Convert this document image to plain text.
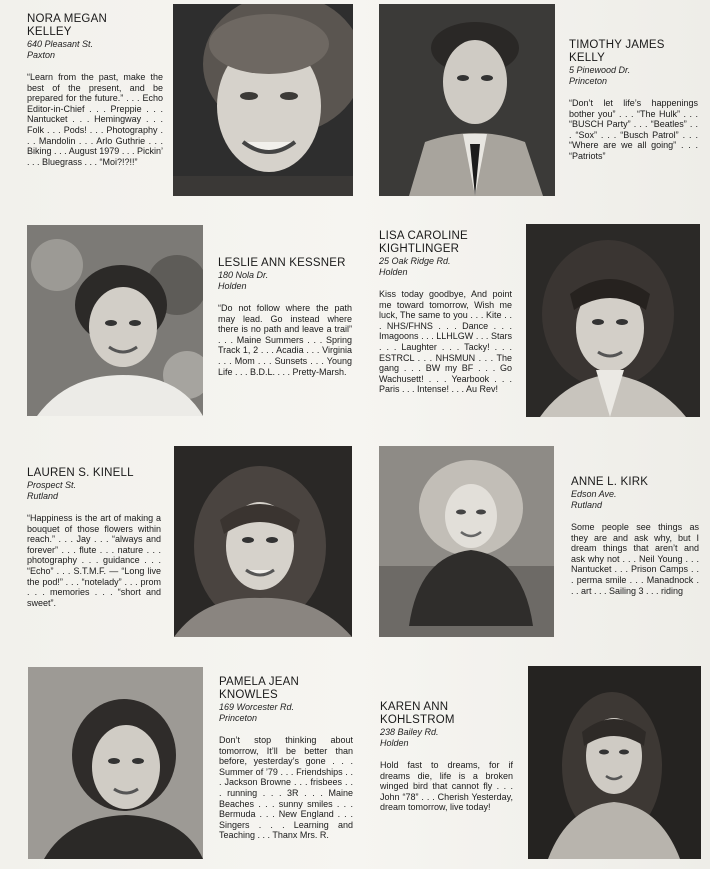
NORA MEGAN
KELLEY
640 Pleasant St.
Paxton
“Learn from the past, make the best of the present, and be prepared for the future.” . . . Echo Editor-in-Chief . . . Preppie . . . Nantucket . . . Hemingway . . . Folk . . . Pods! . . . Photography . . . Mandolin . . . Arlo Guthrie . . . Biking . . . August 1979 . . . Pickin’ . . . Bluegrass . . . “Moi?!?!!”
TIMOTHY JAMES
KELLY
5 Pinewood Dr.
Princeton
“Don’t let life’s happenings bother you” . . . “The Hulk” . . . “BUSCH Party” . . . “Beatles” . . . “Sox” . . . “Busch Patrol” . . . “Where are we all going” . . . “Patriots”
LESLIE ANN KESSNER
180 Nola Dr.
Holden
“Do not follow where the path may lead. Go instead where there is no path and leave a trail” . . . Maine Summers . . . Spring Track 1, 2 . . . Acadia . . . Virginia . . . Mom . . . Sunsets . . . Young Life . . . B.D.L. . . . Pretty-Marsh.
LISA CAROLINE
KIGHTLINGER
25 Oak Ridge Rd.
Holden
Kiss today goodbye, And point me toward tomorrow, Wish me luck, The same to you . . . Kite . . . NHS/FHNS . . . Dance . . . Imagoons . . . LLHLGW . . . Stars . . . Laughter . . . Tacky! . . . ESTRCL . . . NHSMUN . . . The gang . . . BW my BF . . . Go Wachusett! . . . Yearbook . . . Paris . . . Intense! . . . Au Rev!
LAUREN S. KINELL
Prospect St.
Rutland
“Happiness is the art of making a bouquet of those flowers within reach.” . . . Jay . . . “always and forever” . . . flute . . . nature . . . photography . . . guidance . . . “Echo” . . . S.T.M.F. — “Long live the pod!” . . . “notelady” . . . prom . . . memories . . . “short and sweet”.
ANNE L. KIRK
Edson Ave.
Rutland
Some people see things as they are and ask why, but I dream things that aren’t and ask why not . . . Neil Young . . . Nantucket . . . Prison Camps . . . perma smile . . . Manadnock . . . art . . . Sailing 3 . . . riding
PAMELA JEAN
KNOWLES
169 Worcester Rd.
Princeton
Don’t stop thinking about tomorrow, It’ll be better than before, yesterday’s gone . . . Summer of ’79 . . . Friendships . . . Jackson Browne . . . frisbees . . . running . . . 3R . . . Maine Beaches . . . sunny smiles . . . Bermuda . . . New England . . . Singers . . . Learning and Teaching . . . Thanx Mrs. R.
KAREN ANN
KOHLSTROM
238 Bailey Rd.
Holden
Hold fast to dreams, for if dreams die, life is a broken winged bird that cannot fly . . . John “78” . . . Cherish Yesterday, dream tomorrow, live today!
